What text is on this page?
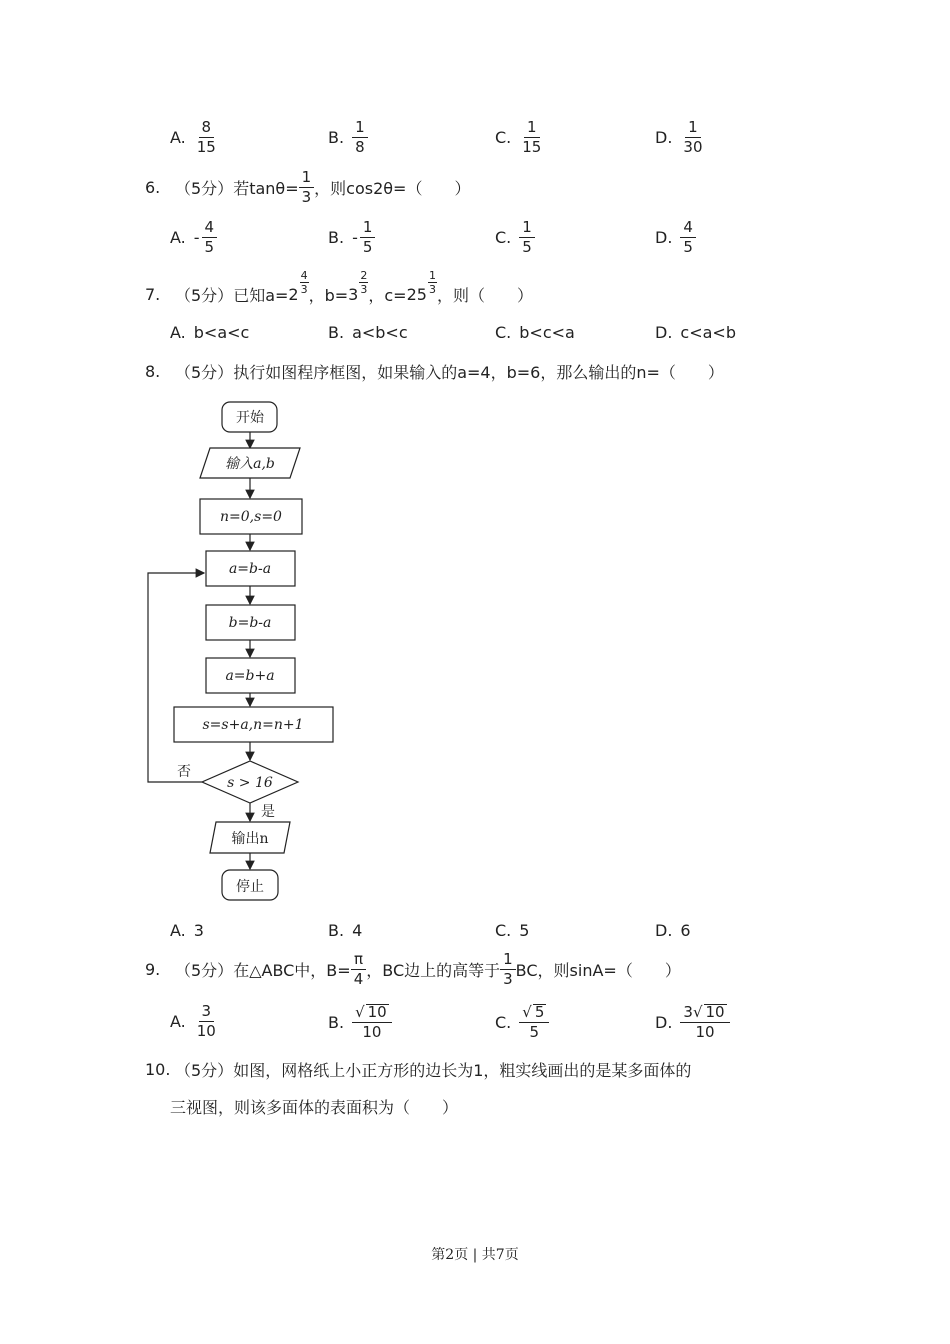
A. $\frac{8}{15}$	B. $\frac{1}{8}$	C. $\frac{1}{15}$	D. $\frac{1}{30}$
6. （5分） 若$\tan\theta= \frac{1}{3}$ ，则cos2θ=（　　）
A. - $\frac{4}{5}$	B. - $\frac{1}{5}$	C. $\frac{1}{5}$	D. $\frac{4}{5}$
7. （5分） 已知$a= 2 \frac{4}{3}$
，$b= 3 \frac{2}{3}$
，$c= 25 \frac{1}{3}$
，则（　　）
A. b<a<c	B. a<b<c	C. b<c<a	D. c<a<b
8. （5分） 执行如图程序框图，如果输入的a=4，b=6，那么输出的n=（　　）
开始
输入a,b
n=0,s=0
a=b-a
b=b-a
a=b+a
s=s+a,n=n+1
s > 16
否
是
输出n
停止
A. 3	B. 4	C. 5	D. 6
9. （5分） 在△ABC中，$B= \frac{\pi}{4}$ ，BC边上的高等于 $\frac{1}{3}$ BC，则sinA=（　　）
A. $\frac{3}{10}$	B. $\frac{√ 10}{10}$	C. $\frac{√ 5}{5}$	D. $\frac{3√ 10}{10}$
10. （5分） 如图，网格纸上小正方形的边长为1，粗实线画出的是某多面体的
三视图，则该多面体的表面积为（　　）
第2页 | 共7页
